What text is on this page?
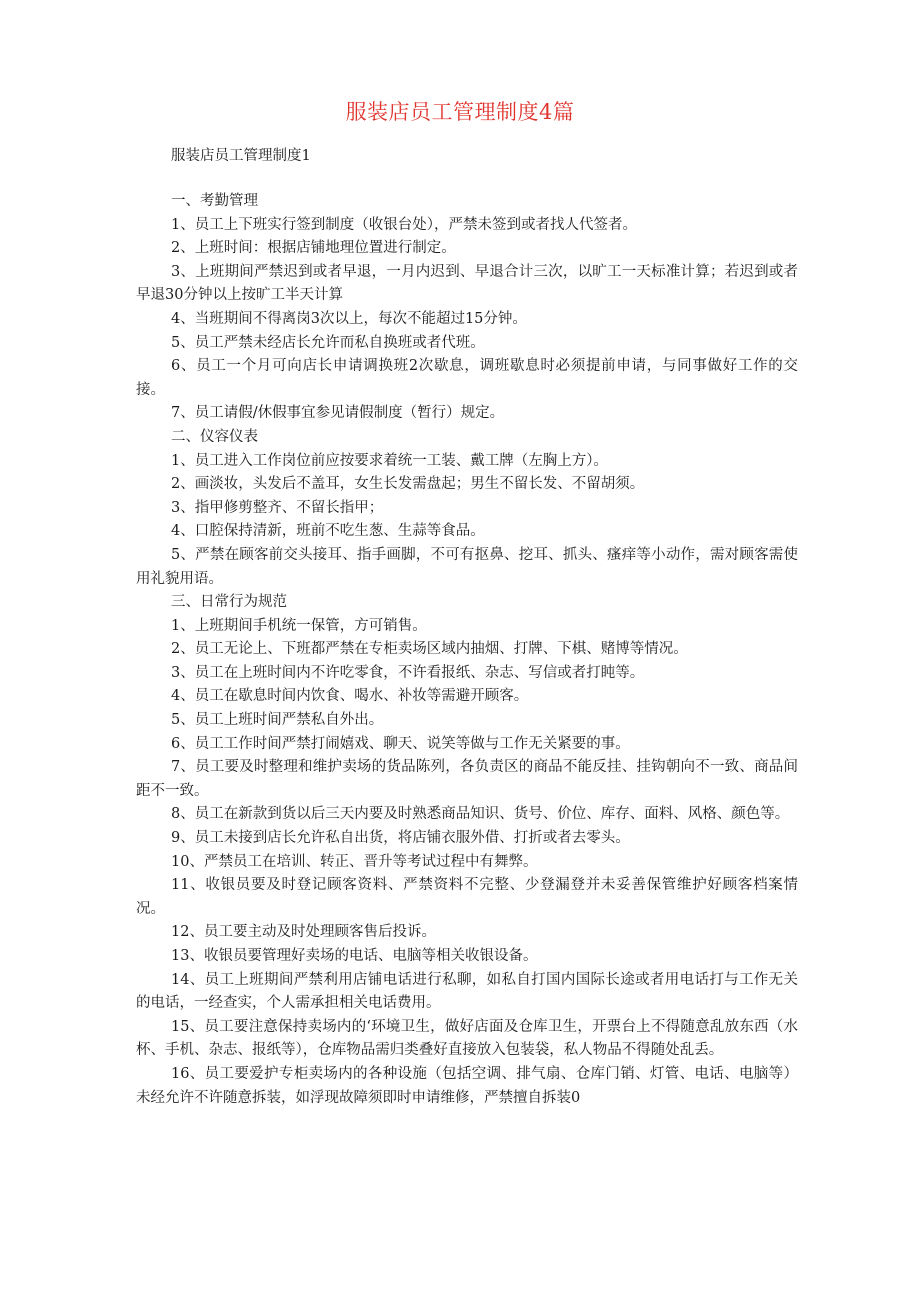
服装店员工管理制度4篇
服装店员工管理制度1

一、考勤管理

1、员工上下班实行签到制度（收银台处），严禁未签到或者找人代签者。

2、上班时间：根据店铺地理位置进行制定。

3、上班期间严禁迟到或者早退，一月内迟到、早退合计三次，以旷工一天标准计算；若迟到或者早退30分钟以上按旷工半天计算

4、当班期间不得离岗3次以上，每次不能超过15分钟。

5、员工严禁未经店长允许而私自换班或者代班。

6、员工一个月可向店长申请调换班2次歇息，调班歇息时必须提前申请，与同事做好工作的交接。

7、员工请假/休假事宜参见请假制度（暂行）规定。

二、仪容仪表

1、员工进入工作岗位前应按要求着统一工装、戴工牌（左胸上方）。

2、画淡妆，头发后不盖耳，女生长发需盘起；男生不留长发、不留胡须。

3、指甲修剪整齐、不留长指甲；

4、口腔保持清新，班前不吃生葱、生蒜等食品。

5、严禁在顾客前交头接耳、指手画脚，不可有抠鼻、挖耳、抓头、瘙痒等小动作，需对顾客需使用礼貌用语。

三、日常行为规范

1、上班期间手机统一保管，方可销售。

2、员工无论上、下班都严禁在专柜卖场区域内抽烟、打牌、下棋、赌博等情况。

3、员工在上班时间内不许吃零食，不许看报纸、杂志、写信或者打盹等。

4、员工在歇息时间内饮食、喝水、补妆等需避开顾客。

5、员工上班时间严禁私自外出。

6、员工工作时间严禁打闹嬉戏、聊天、说笑等做与工作无关紧要的事。

7、员工要及时整理和维护卖场的货品陈列，各负责区的商品不能反挂、挂钩朝向不一致、商品间距不一致。

8、员工在新款到货以后三天内要及时熟悉商品知识、货号、价位、库存、面料、风格、颜色等。

9、员工未接到店长允许私自出货，将店铺衣服外借、打折或者去零头。

10、严禁员工在培训、转正、晋升等考试过程中有舞弊。

11、收银员要及时登记顾客资料、严禁资料不完整、少登漏登并未妥善保管维护好顾客档案情况。

12、员工要主动及时处理顾客售后投诉。

13、收银员要管理好卖场的电话、电脑等相关收银设备。

14、员工上班期间严禁利用店铺电话进行私聊，如私自打国内国际长途或者用电话打与工作无关的电话，一经查实，个人需承担相关电话费用。

15、员工要注意保持卖场内的‘环境卫生，做好店面及仓库卫生，开票台上不得随意乱放东西（水杯、手机、杂志、报纸等），仓库物品需归类叠好直接放入包装袋，私人物品不得随处乱丢。

16、员工要爱护专柜卖场内的各种设施（包括空调、排气扇、仓库门销、灯管、电话、电脑等）未经允许不许随意拆装，如浮现故障须即时申请维修，严禁擅自拆装0
